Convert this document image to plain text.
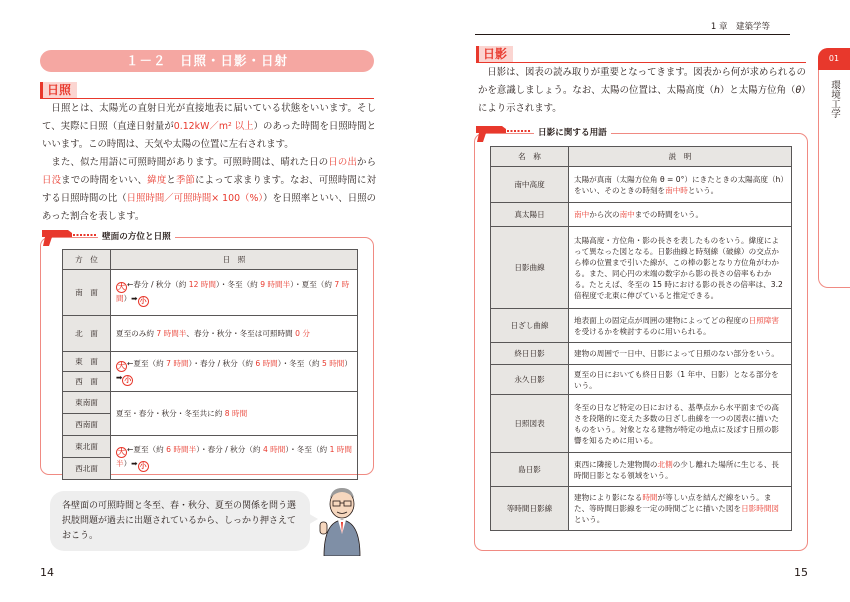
１－２　日照・日影・日射
日照

日照とは、太陽光の直射日光が直接地表に届いている状態をいいます。そして、実際に日照（直達日射量が0.12kW／m² 以上）のあった時間を日照時間といいます。この時間は、天気や太陽の位置に左右されます。

また、似た用語に可照時間があります。可照時間は、晴れた日の日の出から日没までの時間をいい、緯度と季節によって求まります。なお、可照時間に対する日照時間の比（日照時間／可照時間× 100（%））を日照率といい、日照のあった割合を表します。

壁面の方位と日照
方　位	日　照
南　面	大 ←春分 / 秋分（約 12 時間）・冬至（約 9 時間半）・夏至（約 7 時間）➡ 小
北　面	夏至のみ約 7 時間半、春分・秋分・冬至は可照時間 0 分
東　面	大 ←夏至（約 7 時間）・春分 / 秋分（約 6 時間）・冬至（約 5 時間）➡ 小
西　面	
東南面	夏至・春分・秋分・冬至共に約 8 時間
西南面	
東北面	大 ←夏至（約 6 時間半）・春分 / 秋分（約 4 時間）・冬至（約 1 時間半）➡ 小
西北面	
各壁面の可照時間と冬至、春・秋分、夏至の関係を問う選択肢問題が過去に出題されているから、しっかり押さえておこう。
14
1 章　建築学等
01
環境工学
日影

日影は、図表の読み取りが重要となってきます。図表から何が求められるのかを意識しましょう。なお、太陽の位置は、太陽高度（h）と太陽方位角（θ）により示されます。

日影に関する用語
名　称	説　明
南中高度	太陽が真南（太陽方位角 θ = 0°）にきたときの太陽高度（h）をいい、そのときの時刻を南中時という。
真太陽日	南中から次の南中までの時間をいう。
日影曲線	太陽高度・方位角・影の長さを表したものをいう。緯度によって異なった図となる。日影曲線と時刻線（破線）の交点から棒の位置まで引いた線が、この棒の影となり方位角がわかる。また、同心円の末端の数字から影の長さの倍率もわかる。たとえば、冬至の 15 時における影の長さの倍率は、3.2 倍程度で北東に伸びていると推定できる。
日ざし曲線	地表面上の固定点が周囲の建物によってどの程度の日照障害を受けるかを検討するのに用いられる。
終日日影	建物の周囲で一日中、日影によって日照のない部分をいう。
永久日影	夏至の日においても終日日影（1 年中、日影）となる部分をいう。
日照図表	冬至の日など特定の日における、基準点から水平面までの高さを段階的に変えた多数の日ざし曲線を一つの図表に描いたものをいう。対象となる建物が特定の地点に及ぼす日照の影響を知るために用いる。
島日影	東西に隣接した建物間の北側の少し離れた場所に生じる、長時間日影となる領域をいう。
等時間日影線	建物により影になる時間が等しい点を結んだ線をいう。また、等時間日影線を一定の時間ごとに描いた図を日影時間図という。
15
